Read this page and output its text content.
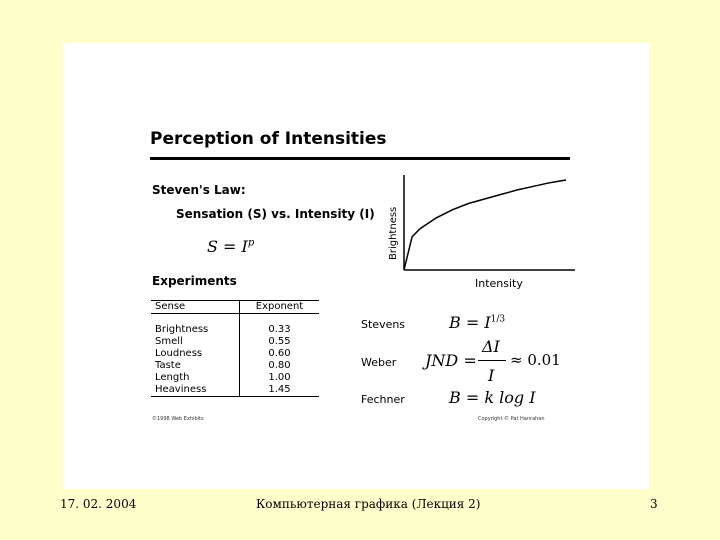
Perception of Intensities
Steven's Law:
Sensation (S) vs. Intensity (I)
$S = I^p$
Experiments
Sense	Exponent

Brightness	0.33
Smell	0.55
Loudness	0.60
Taste	0.80
Length	1.00
Heaviness	1.45
©1998 Web Exhibits	Copyright © Pat Hanrahan
Brightness
Intensity
Stevens	$B = I^{1/3}$
Weber JND =
ΔI
I
≈ 0.01
Fechner	B = k log I
17. 02. 2004	Компьютерная графика (Лекция 2)	3
